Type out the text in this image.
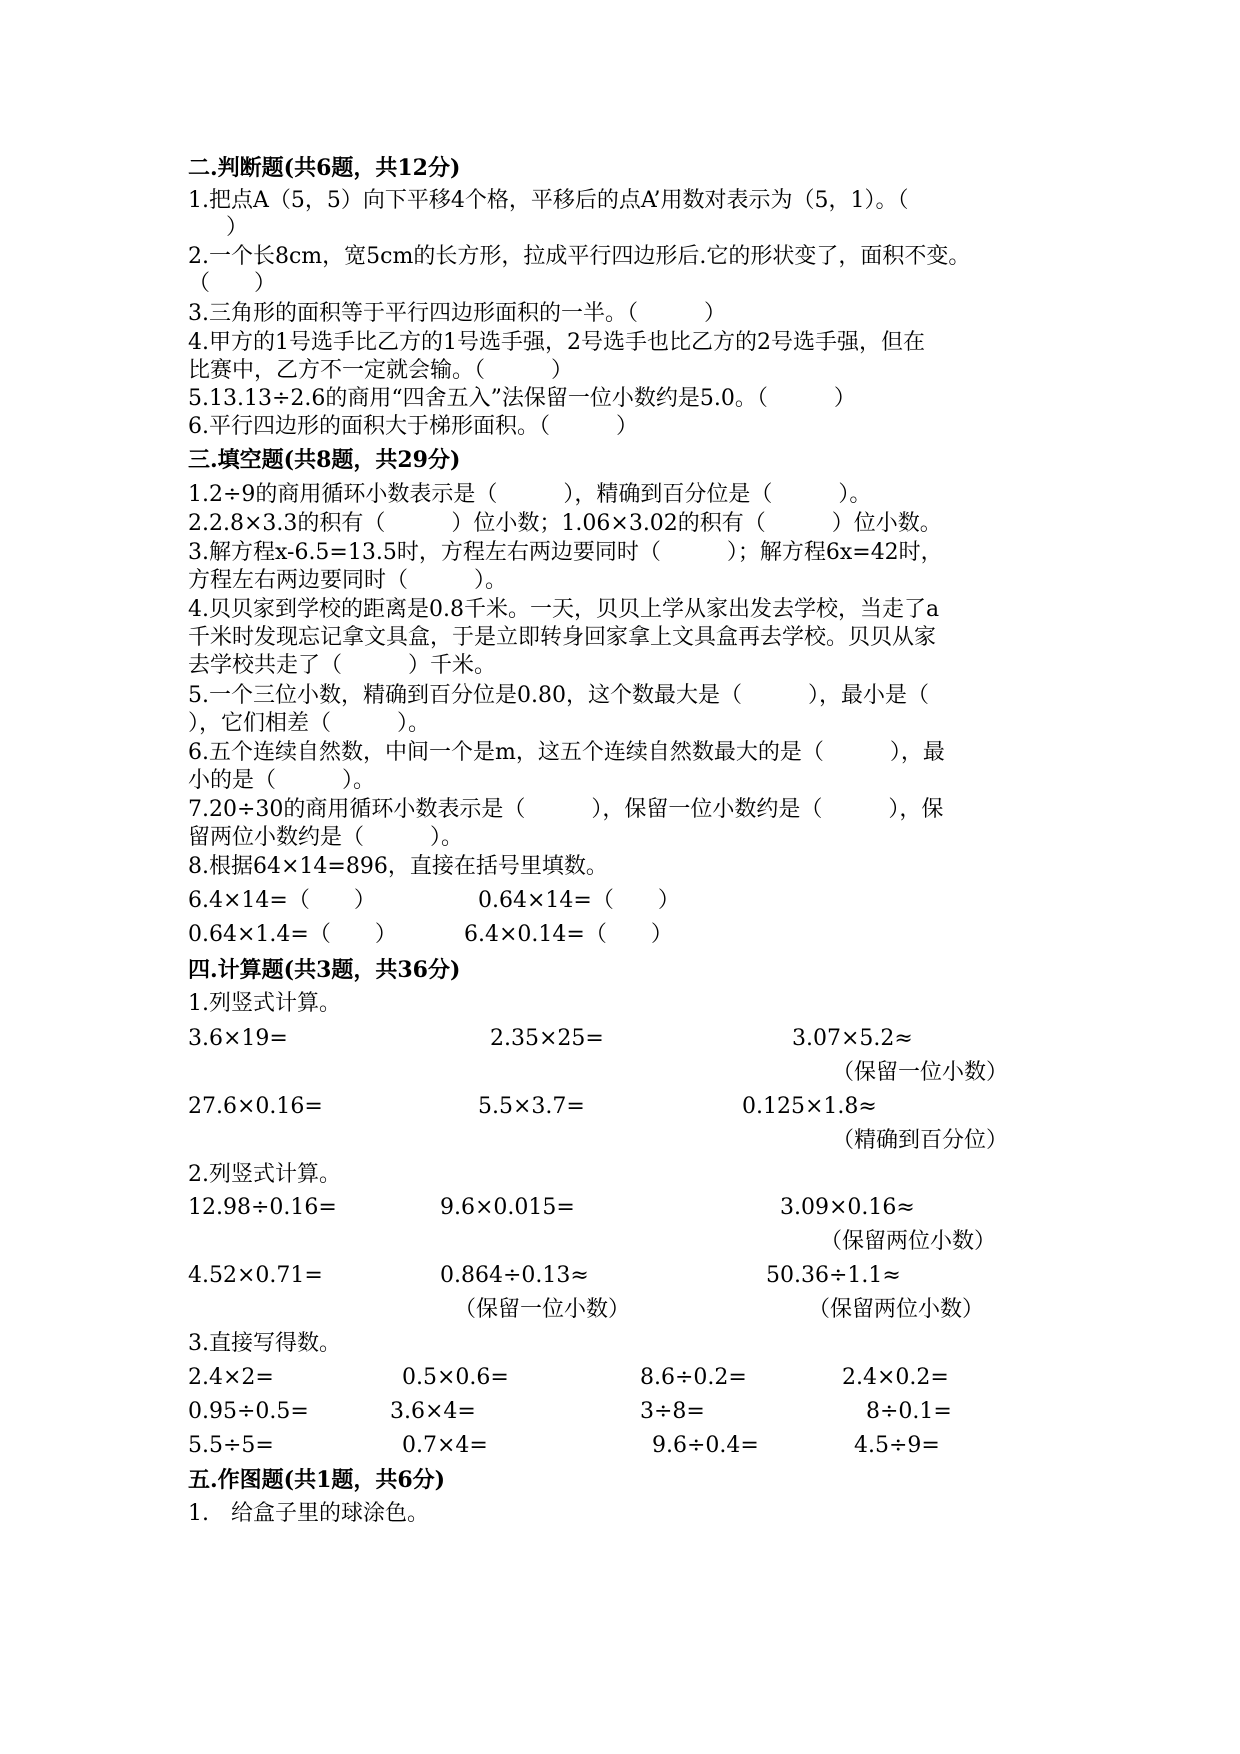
二.判断题(共6题，共12分)
1.把点A（5，5）向下平移4个格，平移后的点A’用数对表示为（5，1）。（
）
2.一个长8cm，宽5cm的长方形，拉成平行四边形后.它的形状变了，面积不变。
（　　）
3.三角形的面积等于平行四边形面积的一半。（　　　）
4.甲方的1号选手比乙方的1号选手强，2号选手也比乙方的2号选手强，但在
比赛中，乙方不一定就会输。（　　　）
5.13.13÷2.6的商用“四舍五入”法保留一位小数约是5.0。（　　　）
6.平行四边形的面积大于梯形面积。（　　　）
三.填空题(共8题，共29分)
1.2÷9的商用循环小数表示是（　　　），精确到百分位是（　　　）。
2.2.8×3.3的积有（　　　）位小数；1.06×3.02的积有（　　　）位小数。
3.解方程x-6.5=13.5时，方程左右两边要同时（　　　）；解方程6x=42时，
方程左右两边要同时（　　　）。
4.贝贝家到学校的距离是0.8千米。一天，贝贝上学从家出发去学校，当走了a
千米时发现忘记拿文具盒，于是立即转身回家拿上文具盒再去学校。贝贝从家
去学校共走了（　　　）千米。
5.一个三位小数，精确到百分位是0.80，这个数最大是（　　　），最小是（
），它们相差（　　　）。
6.五个连续自然数，中间一个是m，这五个连续自然数最大的是（　　　），最
小的是（　　　）。
7.20÷30的商用循环小数表示是（　　　），保留一位小数约是（　　　），保
留两位小数约是（　　　）。
8.根据64×14=896，直接在括号里填数。
6.4×14=（　　）	0.64×14=（　　）
0.64×1.4=（　　）	6.4×0.14=（　　）
四.计算题(共3题，共36分)
1.列竖式计算。
3.6×19=	2.35×25=	3.07×5.2≈
（保留一位小数）
27.6×0.16=	5.5×3.7=	0.125×1.8≈
（精确到百分位）
2.列竖式计算。
12.98÷0.16=	9.6×0.015=	3.09×0.16≈
（保留两位小数）
4.52×0.71=	0.864÷0.13≈	50.36÷1.1≈
（保留一位小数）	（保留两位小数）
3.直接写得数。
2.4×2=	0.5×0.6=	8.6÷0.2=	2.4×0.2=
0.95÷0.5=	3.6×4=	3÷8=	8÷0.1=
5.5÷5=	0.7×4=	9.6÷0.4=	4.5÷9=
五.作图题(共1题，共6分)
1.　给盒子里的球涂色。
